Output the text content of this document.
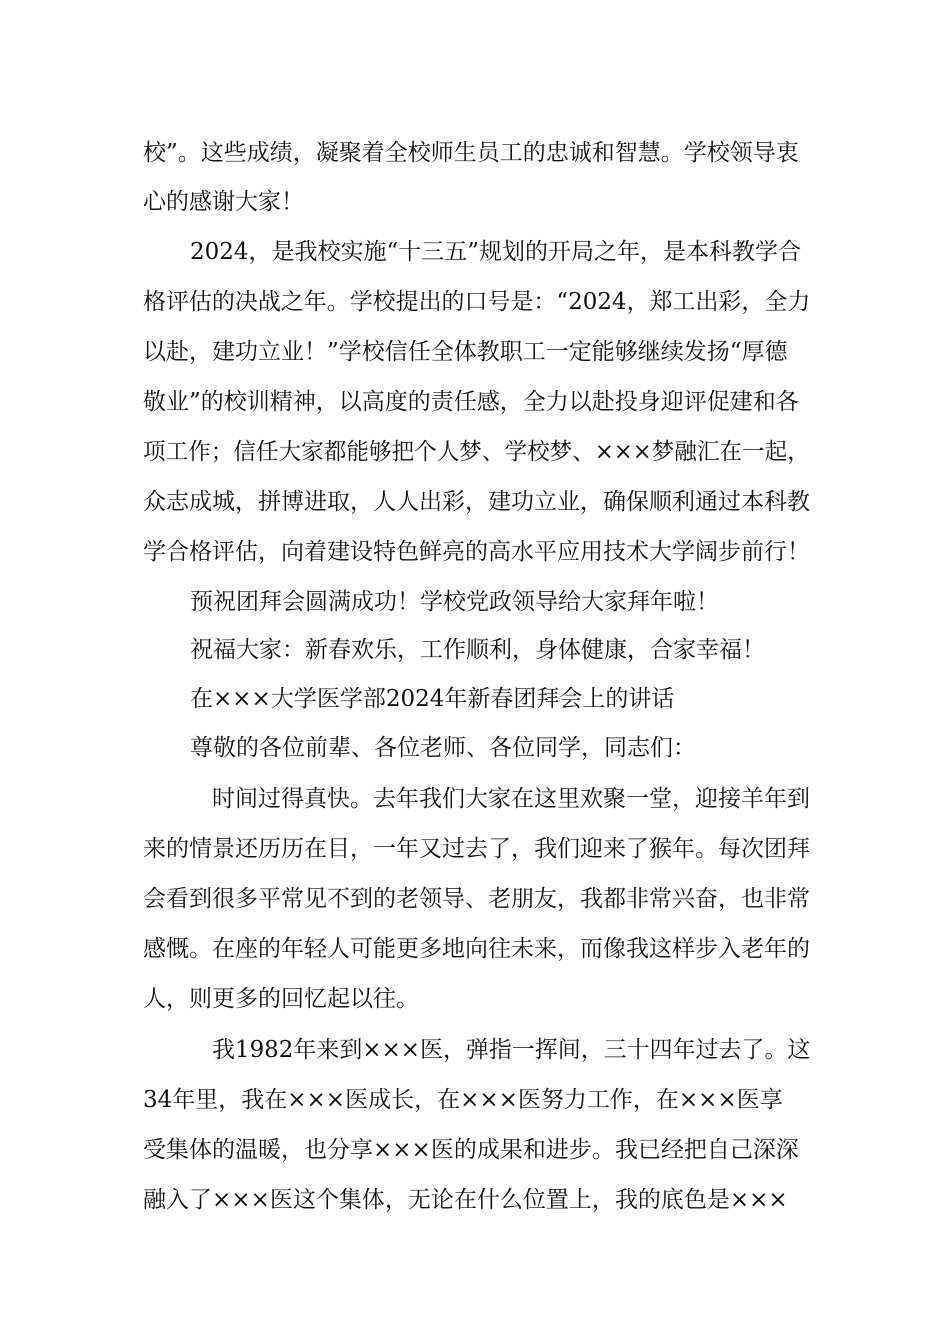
校”。这些成绩，凝聚着全校师生员工的忠诚和智慧。学校领导衷
心的感谢大家！
2024，是我校实施“十三五”规划的开局之年，是本科教学合
格评估的决战之年。学校提出的口号是：“2024，郑工出彩，全力
以赴，建功立业！”学校信任全体教职工一定能够继续发扬“厚德
敬业”的校训精神，以高度的责任感，全力以赴投身迎评促建和各
项工作；信任大家都能够把个人梦、学校梦、×××梦融汇在一起，
众志成城，拼博进取，人人出彩，建功立业，确保顺利通过本科教
学合格评估，向着建设特色鲜亮的高水平应用技术大学阔步前行！
预祝团拜会圆满成功！学校党政领导给大家拜年啦！
祝福大家：新春欢乐，工作顺利，身体健康，合家幸福！
在×××大学医学部2024年新春团拜会上的讲话
尊敬的各位前辈、各位老师、各位同学，同志们：
时间过得真快。去年我们大家在这里欢聚一堂，迎接羊年到
来的情景还历历在目，一年又过去了，我们迎来了猴年。每次团拜
会看到很多平常见不到的老领导、老朋友，我都非常兴奋，也非常
感慨。在座的年轻人可能更多地向往未来，而像我这样步入老年的
人，则更多的回忆起以往。
我1982年来到×××医，弹指一挥间，三十四年过去了。这
34年里，我在×××医成长，在×××医努力工作，在×××医享
受集体的温暖，也分享×××医的成果和进步。我已经把自己深深
融入了×××医这个集体，无论在什么位置上，我的底色是×××
